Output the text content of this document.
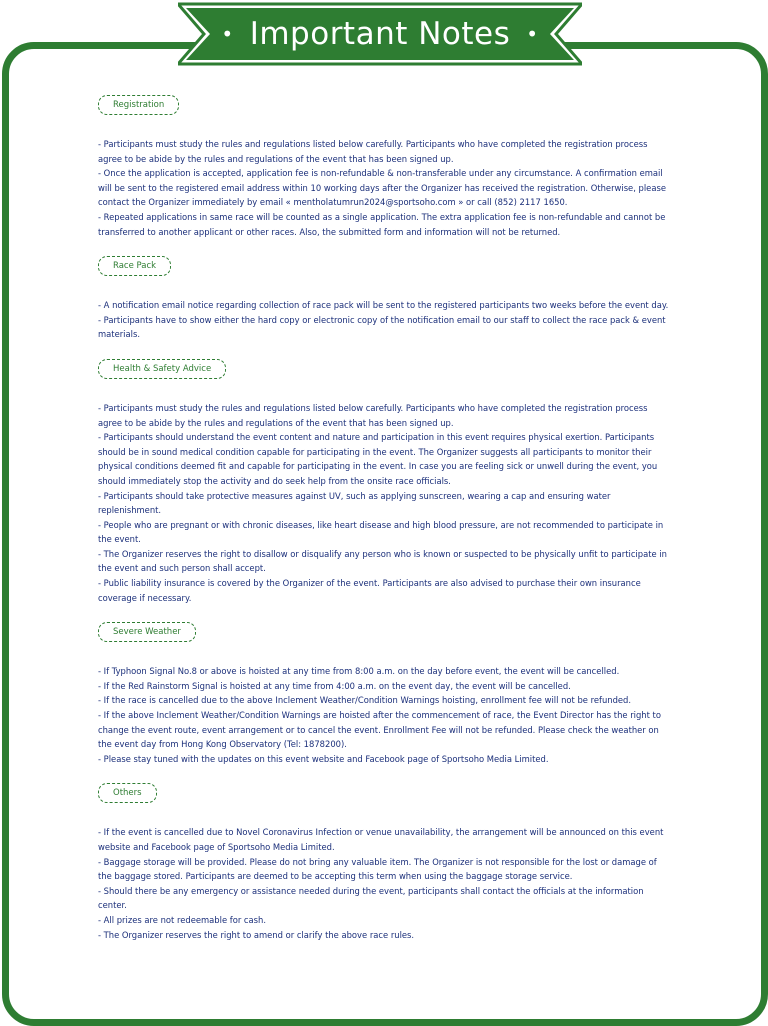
• Important Notes •
Registration

- Participants must study the rules and regulations listed below carefully. Participants who have completed the registration process agree to be abide by the rules and regulations of the event that has been signed up.

- Once the application is accepted, application fee is non-refundable & non-transferable under any circumstance. A confirmation email will be sent to the registered email address within 10 working days after the Organizer has received the registration. Otherwise, please contact the Organizer immediately by email « mentholatumrun2024@sportsoho.com » or call (852) 2117 1650.

- Repeated applications in same race will be counted as a single application. The extra application fee is non-refundable and cannot be transferred to another applicant or other races. Also, the submitted form and information will not be returned.

Race Pack

- A notification email notice regarding collection of race pack will be sent to the registered participants two weeks before the event day.

- Participants have to show either the hard copy or electronic copy of the notification email to our staff to collect the race pack & event materials.

Health & Safety Advice

- Participants must study the rules and regulations listed below carefully. Participants who have completed the registration process agree to be abide by the rules and regulations of the event that has been signed up.

- Participants should understand the event content and nature and participation in this event requires physical exertion. Participants should be in sound medical condition capable for participating in the event. The Organizer suggests all participants to monitor their physical conditions deemed fit and capable for participating in the event. In case you are feeling sick or unwell during the event, you should immediately stop the activity and do seek help from the onsite race officials.

- Participants should take protective measures against UV, such as applying sunscreen, wearing a cap and ensuring water replenishment.

- People who are pregnant or with chronic diseases, like heart disease and high blood pressure, are not recommended to participate in the event.

- The Organizer reserves the right to disallow or disqualify any person who is known or suspected to be physically unfit to participate in the event and such person shall accept.

- Public liability insurance is covered by the Organizer of the event. Participants are also advised to purchase their own insurance coverage if necessary.

Severe Weather

- If Typhoon Signal No.8 or above is hoisted at any time from 8:00 a.m. on the day before event, the event will be cancelled.

- If the Red Rainstorm Signal is hoisted at any time from 4:00 a.m. on the event day, the event will be cancelled.

- If the race is cancelled due to the above Inclement Weather/Condition Warnings hoisting, enrollment fee will not be refunded.

- If the above Inclement Weather/Condition Warnings are hoisted after the commencement of race, the Event Director has the right to change the event route, event arrangement or to cancel the event. Enrollment Fee will not be refunded. Please check the weather on the event day from Hong Kong Observatory (Tel: 1878200).

- Please stay tuned with the updates on this event website and Facebook page of Sportsoho Media Limited.

Others

- If the event is cancelled due to Novel Coronavirus Infection or venue unavailability, the arrangement will be announced on this event website and Facebook page of Sportsoho Media Limited.

- Baggage storage will be provided. Please do not bring any valuable item. The Organizer is not responsible for the lost or damage of the baggage stored. Participants are deemed to be accepting this term when using the baggage storage service.

- Should there be any emergency or assistance needed during the event, participants shall contact the officials at the information center.

- All prizes are not redeemable for cash.

- The Organizer reserves the right to amend or clarify the above race rules.
